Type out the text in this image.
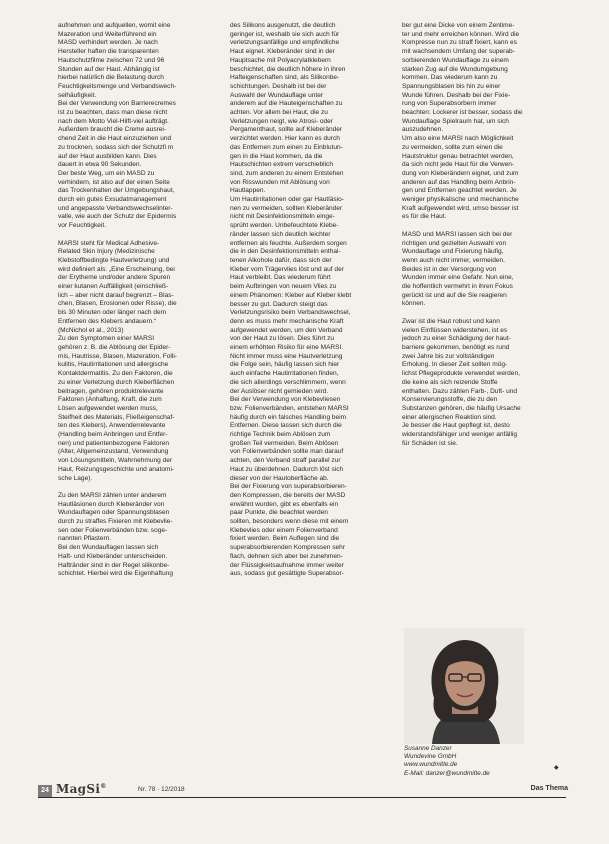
aufnehmen und aufquellen, womit eine
Mazeration und Weiterführend ein
MASD verhindert werden. Je nach
Hersteller haften die transparenten
Hautschutzfilme zwischen 72 und 96
Stunden auf der Haut. Abhängig ist
hierbei natürlich die Belastung durch
Feuchtigkeitsmenge und Verbandswech-
selhäufigkeit.

Bei der Verwendung von Barrierecremes
ist zu beachten, dass man diese nicht
nach dem Motto Viel-Hilft-viel aufträgt.
Außerdem braucht die Creme ausrei-
chend Zeit in die Haut einzuziehen und
zu trocknen, sodass sich der Schutzfi m
auf der Haut ausbilden kann. Dies
dauert in etwa 90 Sekunden.

Der beste Weg, um ein MASD zu
verhindern, ist also auf der einen Seite
das Trockenhalten der Umgebungshaut,
durch ein gutes Exsudatmanagement
und angepasste Verbandswechselinter-
valle, wie auch der Schutz der Epidermis
vor Feuchtigkeit.

MARSI steht für Medical Adhesive-
Related Skin Injury (Medizinische
Klebstoffbedingte Hautverletzung) und
wird definiert als: „Eine Erscheinung, bei
der Erytheme und/oder andere Spuren
einer kutanen Auffälligkeit (einschließ-
lich – aber nicht darauf begrenzt – Blas-
chen, Blasen, Erosionen oder Risse), die
bis 30 Minuten oder länger nach dem
Entfernen des Klebers andauern.“
(McNichol et al., 2013)

Zu den Symptomen einer MARSI
gehören z. B. die Ablösung der Epider-
mis, Hautrisse, Blasen, Mazeration, Folli-
kulitis, Hautirritationen und allergische
Kontaktdermatitis. Zu den Faktoren, die
zu einer Verletzung durch Kleberflächen
beitragen, gehören produktrelevante
Faktoren (Anhaftung, Kraft, die zum
Lösen aufgewendet werden muss,
Steifheit des Materials, Fließeigenschaf-
ten des Klebers), Anwenderrelevante
(Handling beim Anbringen und Entfer-
nen) und patientenbezogene Faktoren
(Alter, Allgemeinzustand, Verwendung
von Lösungsmitteln, Wahrnehmung der
Haut, Reizungsgeschichte und anatomi-
sche Lage).

Zu den MARSI zählen unter anderem
Hautläsionen durch Kleberänder von
Wundauflagen oder Spannungsblasen
durch zu straffes Fixieren mit Klebevlie-
sen oder Folienverbänden bzw. soge-
nannten Pflastern.

Bei den Wundauflagen lassen sich
Haft- und Kleberänder unterscheiden.
Haftränder sind in der Regel silikonbe-
schichtet. Hierbei wird die Eigenhaftung

des Silikons ausgenutzt, die deutlich
geringer ist, weshalb sie sich auch für
verletzungsanfällige und empfindliche
Haut eignet. Kleberänder sind in der
Hauptsache mit Polyacrylatklebern
beschichtet, die deutlich höhere in ihren
Hafteigenschaften sind, als Silikonbe-
schichtungen. Deshalb ist bei der
Auswahl der Wundauflage unter
anderem auf die Hauteigenschaften zu
achten. Vor allem bei Haut, die zu
Verletzungen neigt, wie Atrosi- oder
Pergamenthaut, sollte auf Kleberänder
verzichtet werden. Hier kann es durch
das Entfernen zum einen zu Einblutun-
gen in die Haut kommen, da die
Hautschichten extrem verschieblich
sind, zum anderen zu einem Entstehen
von Risswunden mit Ablösung von
Hautlappen.

Um Hautirritationen oder gar Hautläsio-
nen zu vermeiden, sollten Kleberänder
nicht mit Desinfektionsmitteln einge-
sprüht werden. Unbefeuchtete Klebe-
ränder lassen sich deutlich leichter
entfernen als feuchte. Außerdem sorgen
die in den Desinfektionsmitteln enthal-
tenen Alkohole dafür, dass sich der
Kleber vom Trägervlies löst und auf der
Haut verbleibt. Das wiederum führt
beim Aufbringen von neuem Vlies zu
einem Phänomen: Kleber auf Kleber klebt
besser zu gut. Dadurch steigt das
Verletzungsrisiko beim Verbandswechsel,
denn es muss mehr mechanische Kraft
aufgewendet werden, um den Verband
von der Haut zu lösen. Dies führt zu
einem erhöhten Risiko für eine MARSI.
Nicht immer muss eine Hautverletzung
die Folge sein, häufig lassen sich hier
auch einfache Hautirritationen finden,
die sich allerdings verschlimmern, wenn
der Auslöser nicht gemieden wird.

Bei der Verwendung von Klebevliesen
bzw. Folienverbänden, entstehen MARSI
häufig durch ein falsches Handling beim
Entfernen. Diese lassen sich durch die
richtige Technik beim Ablösen zum
großen Teil vermeiden. Beim Ablösen
von Folienverbänden sollte man darauf
achten, den Verband straff parallel zur
Haut zu überdehnen. Dadurch löst sich
dieser von der Hautoberfläche ab.

Bei der Fixierung von superabsorbieren-
den Kompressen, die bereits der MASD
erwähnt wurden, gibt es ebenfalls ein
paar Punkte, die beachtet werden
sollten, besonders wenn diese mit einem
Klebevlies oder einem Folienverband
fixiert werden. Beim Auflegen sind die
superabsorbierenden Kompressen sehr
flach, dehnen sich aber bei zunehmen-
der Flüssigkeitsaufnahme immer weiter
aus, sodass gut gesättigte Superabsor-

ber gut eine Dicke von einem Zentime-
ter und mehr erreichen können. Wird die
Kompresse nun zu straff fixiert, kann es
mit wachsendem Umfang der superab-
sorbierenden Wundauflage zu einem
starken Zug auf die Wundumgebung
kommen. Das wiederum kann zu
Spannungsblasen bis hin zu einer
Wunde führen. Deshalb bei der Fixie-
rung von Superabsorbern immer
beachten: Lockerer ist besser, sodass die
Wundauflage Spielraum hat, um sich
auszudehnen.

Um also eine MARSI nach Möglichkeit
zu vermeiden, sollte zum einen die
Hautstruktur genau betrachtet werden,
da sich nicht jede Haut für die Verwen-
dung von Kleberändern eignet, und zum
anderen auf das Handling beim Anbrin-
gen und Entfernen geachtet werden. Je
weniger physikalische und mechanische
Kraft aufgewendet wird, umso besser ist
es für die Haut.

MASD und MARSI lassen sich bei der
richtigen und gezielten Auswahl von
Wundauflage und Fixierung häufig,
wenn auch nicht immer, vermeiden.
Beides ist in der Versorgung von
Wunden immer eine Gefahr. Nun eine,
die hoffentlich vermehrt in ihren Fokus
gerückt ist und auf die Sie reagieren
können.

Zwar ist die Haut robust und kann
vielen Einflüssen widerstehen, ist es
jedoch zu einer Schädigung der haut-
barriere gekommen, benötigt es rund
zwei Jahre bis zur vollständigen
Erholung. In dieser Zeit sollten mög-
lichst Pflegeprodukte verwendet werden,
die keine als sich reizende Stoffe
enthalten. Dazu zählen Farb-, Duft- und
Konservierungsstoffe, die zu den
Substanzen gehören, die häufig Ursache
einer allergischen Reaktion sind.
Je besser die Haut gepflegt ist, desto
widerstandsfähiger und weniger anfällig
für Schäden ist sie.

Susanne Danzer
Wundevine GmbH
www.wundmitte.de
E-Mail: danzer@wundmitte.de
◆
24 MagSi®	Nr. 78 · 12/2018	Das Thema
